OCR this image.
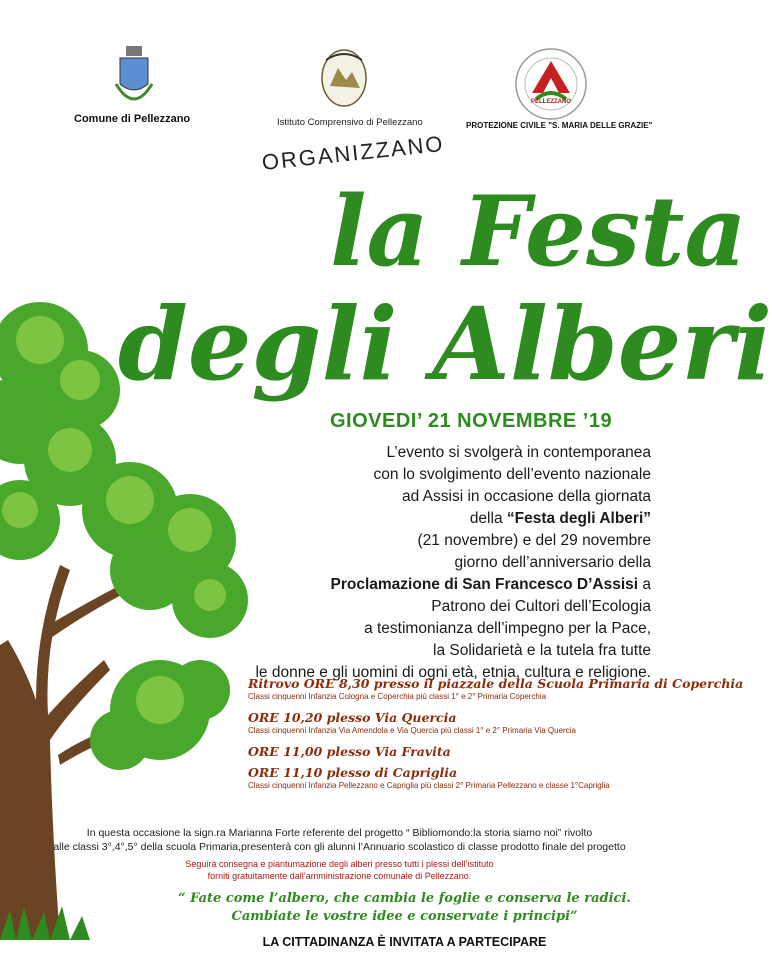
Comune di Pellezzano	Istituto Comprensivo di Pellezzano
PELLEZZANO
PROTEZIONE CIVILE "S. MARIA DELLE GRAZIE"
ORGANIZZANO
la Festa
degli Alberi
GIOVEDI’ 21 NOVEMBRE ’19
L’evento si svolgerà in contemporanea
con lo svolgimento dell’evento nazionale
ad Assisi in occasione della giornata
della “Festa degli Alberi”
(21 novembre) e del 29 novembre
giorno dell’anniversario della
Proclamazione di San Francesco D’Assisi a
Patrono dei Cultori dell’Ecologia
a testimonianza dell’impegno per la Pace,
la Solidarietà e la tutela fra tutte
le donne e gli uomini di ogni età, etnia, cultura e religione.
Ritrovo ORE 8,30 presso il piazzale della Scuola Primaria di Coperchia
Classi cinquenni Infanzia Cologna e Coperchia più classi 1° e 2° Primaria Coperchia
ORE 10,20 plesso Via Quercia
Classi cinquenni Infanzia Via Amendola e Via Quercia più classi 1° e 2° Primaria Via Quercia
ORE 11,00 plesso Via Fravita
ORE 11,10 plesso di Capriglia
Classi cinquenni Infanzia Pellezzano e Capriglia più classi 2° Primaria Pellezzano e classe 1°Capriglia
In questa occasione la sign.ra Marianna Forte referente del progetto “ Bibliomondo:la storia siamo noi” rivolto
alle classi 3°,4°,5° della scuola Primaria,presenterà con gli alunni l’Annuario scolastico di classe prodotto finale del progetto
Seguirà consegna e piantumazione degli alberi presso tutti i plessi dell’istituto
forniti gratuitamente dall’amministrazione comunale di Pellezzano.
“ Fate come l’albero, che cambia le foglie e conserva le radici.
Cambiate le vostre idee e conservate i principi”
LA CITTADINANZA È INVITATA A PARTECIPARE
